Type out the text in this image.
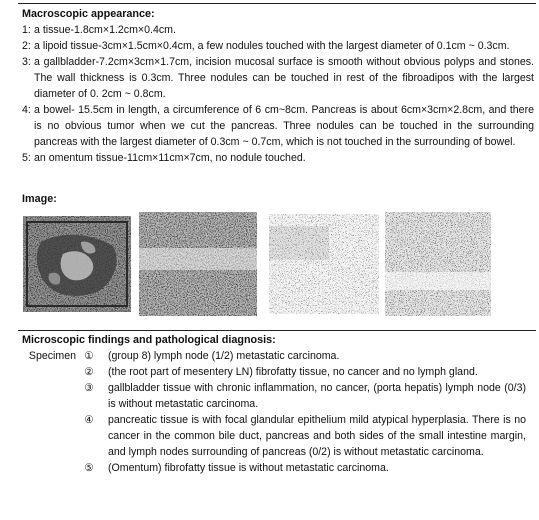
Macroscopic appearance:
1: a tissue-1.8cm×1.2cm×0.4cm.
2: a lipoid tissue-3cm×1.5cm×0.4cm, a few nodules touched with the largest diameter of 0.1cm ~ 0.3cm.
3: a gallbladder-7.2cm×3cm×1.7cm, incision mucosal surface is smooth without obvious polyps and stones. The wall thickness is 0.3cm. Three nodules can be touched in rest of the fibroadipos with the largest diameter of 0. 2cm ~ 0.8cm.
4: a bowel- 15.5cm in length, a circumference of 6 cm~8cm. Pancreas is about 6cm×3cm×2.8cm, and there is no obvious tumor when we cut the pancreas. Three nodules can be touched in the surrounding pancreas with the largest diameter of 0.3cm ~ 0.7cm, which is not touched in the surrounding of bowel.
5: an omentum tissue-11cm×11cm×7cm, no nodule touched.
Image:
Microscopic findings and pathological diagnosis:
Specimen ①	(group 8) lymph node (1/2) metastatic carcinoma.
②	(the root part of mesentery LN) fibrofatty tissue, no cancer and no lymph gland.
③	gallbladder tissue with chronic inflammation, no cancer, (porta hepatis) lymph node (0/3) is without metastatic carcinoma.
④	pancreatic tissue is with focal glandular epithelium mild atypical hyperplasia. There is no cancer in the common bile duct, pancreas and both sides of the small intestine margin, and lymph nodes surrounding of pancreas (0/2) is without metastatic carcinoma.
⑤	(Omentum) fibrofatty tissue is without metastatic carcinoma.
